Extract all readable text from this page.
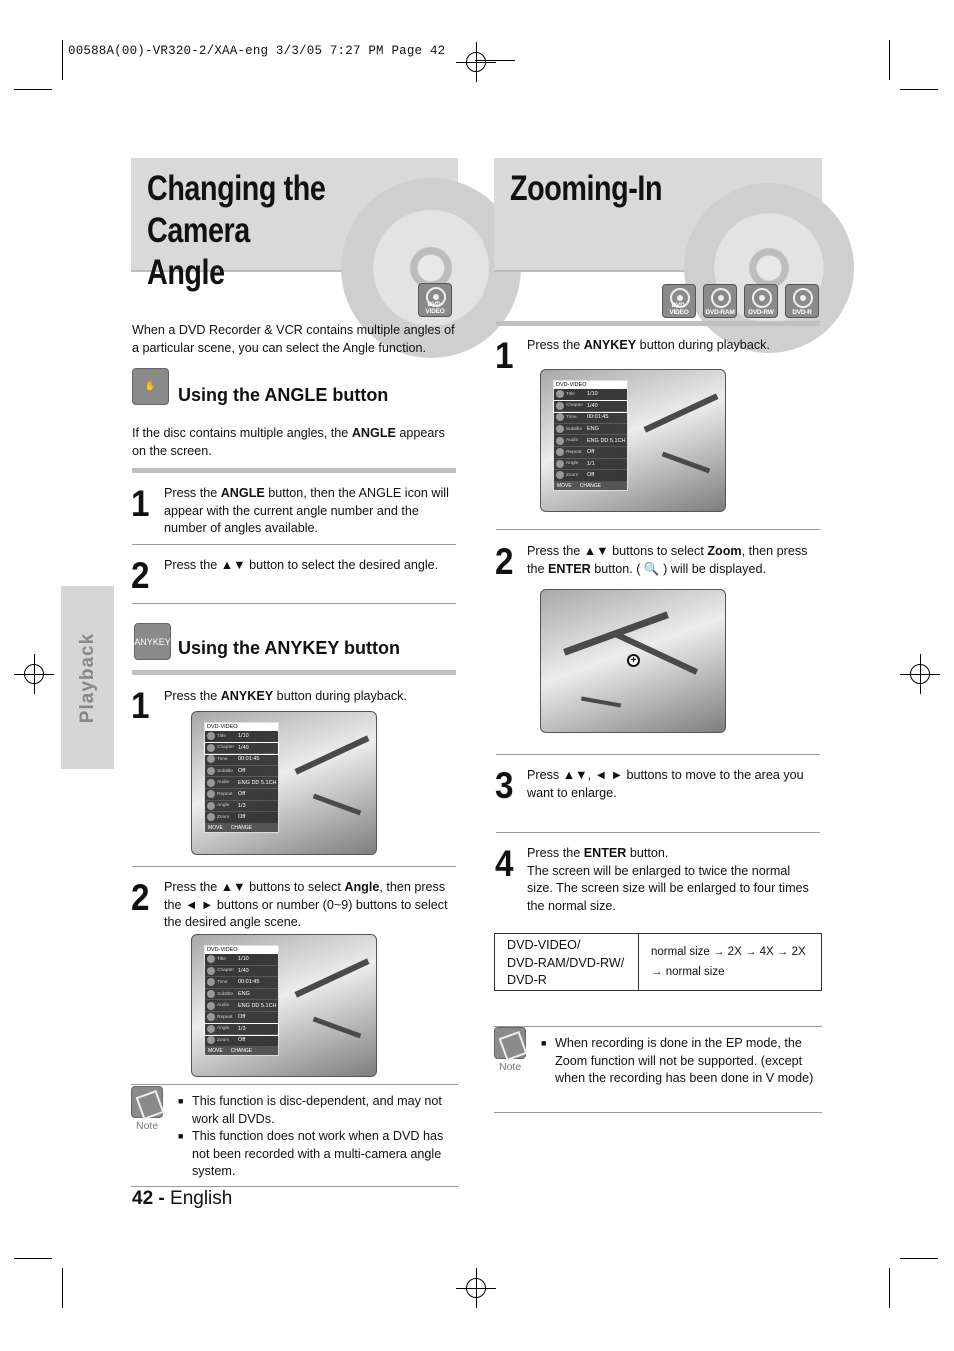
00588A(00)-VR320-2/XAA-eng 3/3/05 7:27 PM Page 42
Playback
Changing the Camera
Angle
Zooming-In
DVD-VIDEO
When a DVD Recorder & VCR contains multiple angles of a particular scene, you can select the Angle function.
✋	Using the ANGLE button
If the disc contains multiple angles, the ANGLE appears on the screen.
1 Press the ANGLE button, then the ANGLE icon will appear with the current angle number and the number of angles available.
2 Press the ▲▼ button to select the desired angle.
ANYKEY Using the ANYKEY button
1 Press the ANYKEY button during playback.
DVD-VIDEO
Title	1/10
Chapter 1/40
Time	00:01:45
Subtitle Off
Audio	ENG DD 5.1CH
Repeat	Off
Angle	1/3
Zoom	Off
MOVE CHANGE
2 Press the ▲▼ buttons to select Angle, then press the ◄ ► buttons or number (0~9) buttons to select the desired angle scene.
DVD-VIDEO
Title	1/10
Chapter 1/40
Time	00:01:45
Subtitle ENG
Audio	ENG DD 5.1CH
Repeat	Off
Angle	1/3
Zoom	Off
MOVE CHANGE
Note
■ This function is disc-dependent, and may not work all DVDs.
■ This function does not work when a DVD has not been recorded with a multi-camera angle system.
42 - English
DVD-VIDEO	DVD-RAM	DVD-RW	DVD-R
1 Press the ANYKEY button during playback.
DVD-VIDEO
Title	1/10
Chapter 1/40
Time	00:01:45
Subtitle ENG
Audio	ENG DD 5.1CH
Repeat	Off
Angle	1/1
Zoom	Off
MOVE CHANGE
2 Press the ▲▼ buttons to select Zoom, then press the ENTER button. ( 🔍 ) will be displayed.
+
3 Press ▲▼, ◄ ► buttons to move to the area you want to enlarge.
4 Press the ENTER button.
The screen will be enlarged to twice the normal size. The screen size will be enlarged to four times the normal size.
DVD-VIDEO/
DVD-RAM/DVD-RW/
DVD-R
normal size → 2X → 4X → 2X
→ normal size
Note
■ When recording is done in the EP mode, the Zoom function will not be supported. (except when the recording has been done in V mode)
